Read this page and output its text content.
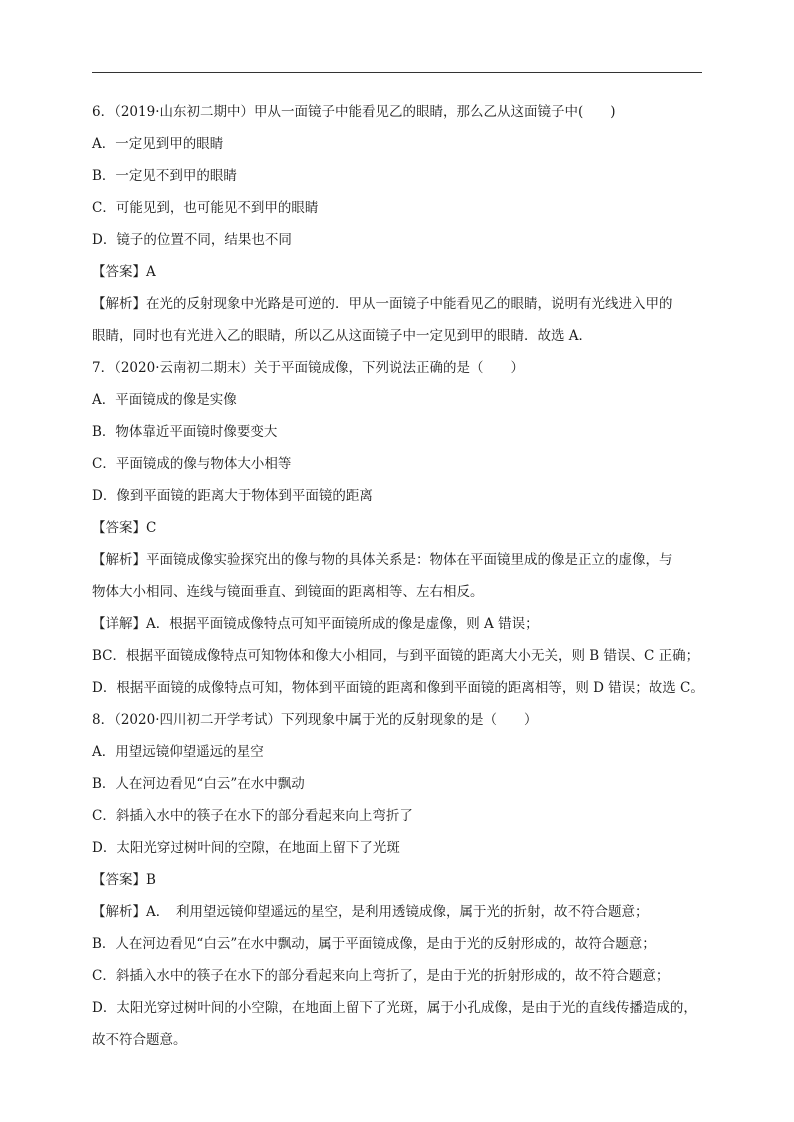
6．（2019·山东初二期中）甲从一面镜子中能看见乙的眼睛，那么乙从这面镜子中(　　)
A．一定见到甲的眼睛
B．一定见不到甲的眼睛
C．可能见到，也可能见不到甲的眼睛
D．镜子的位置不同，结果也不同
【答案】A
【解析】在光的反射现象中光路是可逆的．甲从一面镜子中能看见乙的眼睛，说明有光线进入甲的
眼睛，同时也有光进入乙的眼睛，所以乙从这面镜子中一定见到甲的眼睛．故选 A．
7．（2020·云南初二期末）关于平面镜成像，下列说法正确的是（　　）
A．平面镜成的像是实像
B．物体靠近平面镜时像要变大
C．平面镜成的像与物体大小相等
D．像到平面镜的距离大于物体到平面镜的距离
【答案】C
【解析】平面镜成像实验探究出的像与物的具体关系是：物体在平面镜里成的像是正立的虚像，与
物体大小相同、连线与镜面垂直、到镜面的距离相等、左右相反。
【详解】A．根据平面镜成像特点可知平面镜所成的像是虚像，则 A 错误；
BC．根据平面镜成像特点可知物体和像大小相同，与到平面镜的距离大小无关，则 B 错误、C 正确；
D．根据平面镜的成像特点可知，物体到平面镜的距离和像到平面镜的距离相等，则 D 错误；故选 C。
8．（2020·四川初二开学考试）下列现象中属于光的反射现象的是（　　）
A．用望远镜仰望遥远的星空
B．人在河边看见“白云”在水中飘动
C．斜插入水中的筷子在水下的部分看起来向上弯折了
D．太阳光穿过树叶间的空隙，在地面上留下了光斑
【答案】B
【解析】A．　利用望远镜仰望遥远的星空，是利用透镜成像，属于光的折射，故不符合题意；
B．人在河边看见“白云”在水中飘动，属于平面镜成像，是由于光的反射形成的，故符合题意；
C．斜插入水中的筷子在水下的部分看起来向上弯折了，是由于光的折射形成的，故不符合题意；
D．太阳光穿过树叶间的小空隙，在地面上留下了光斑，属于小孔成像，是由于光的直线传播造成的，
故不符合题意。
